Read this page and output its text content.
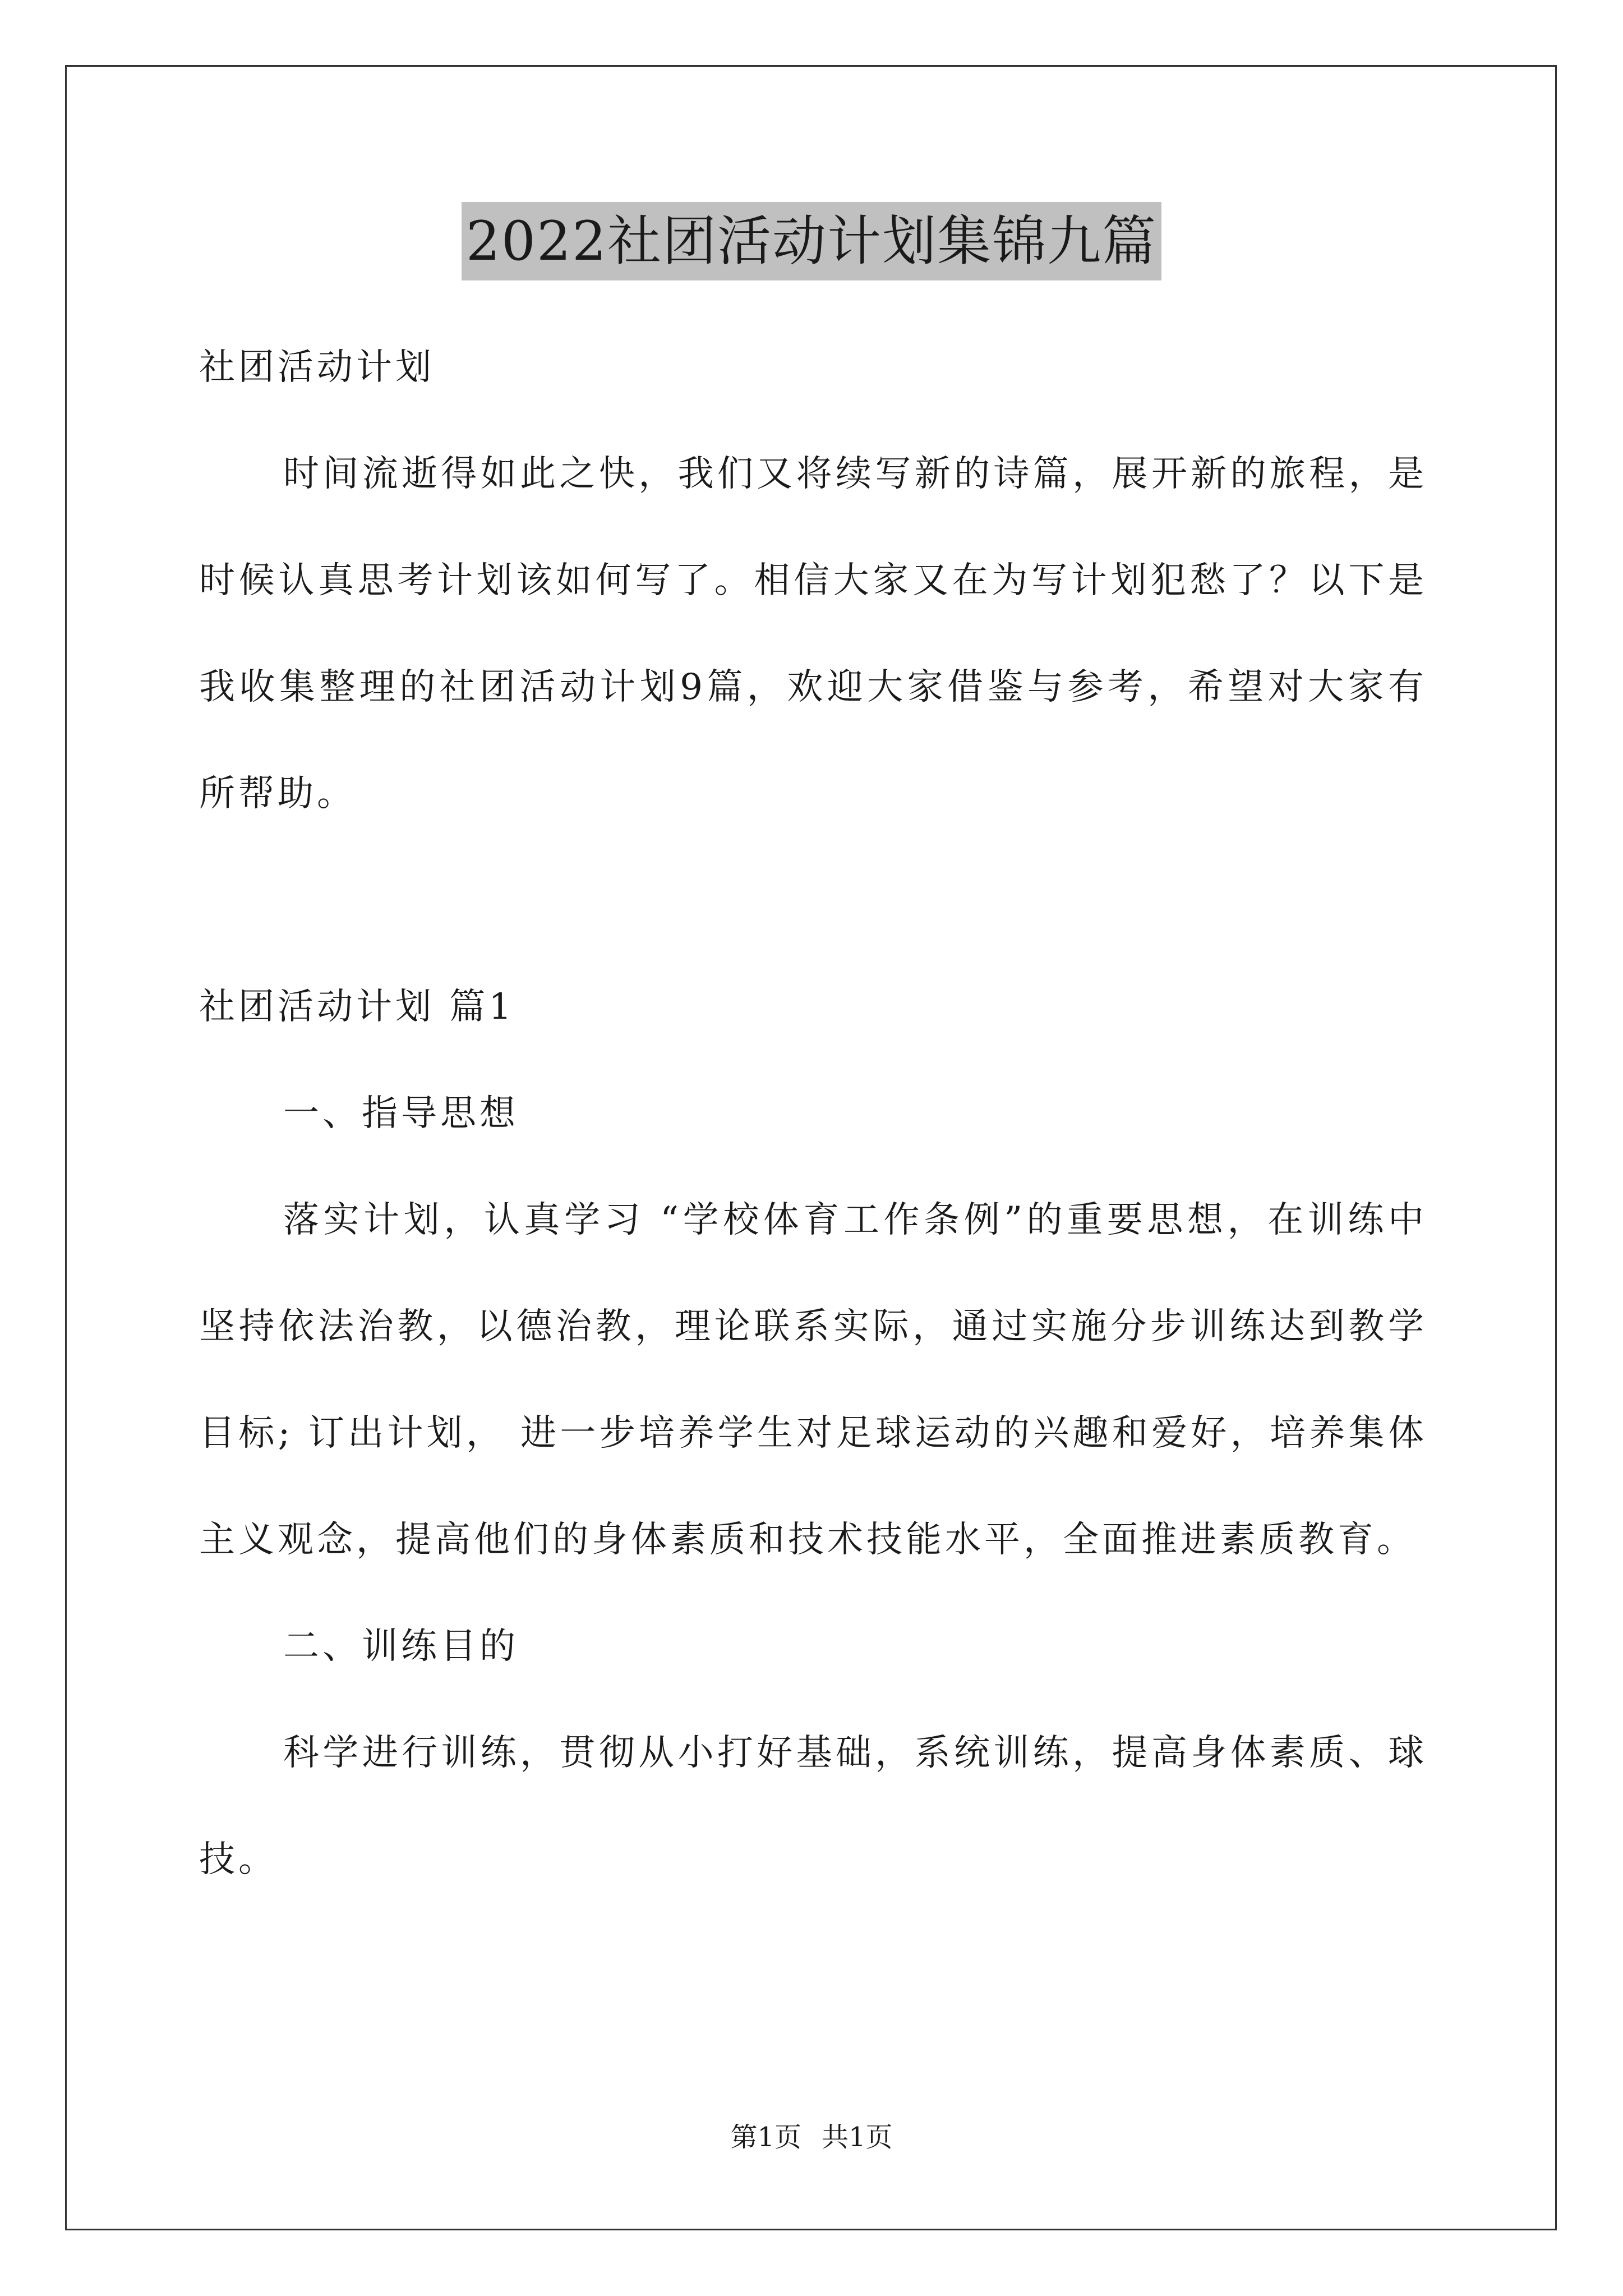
2022社团活动计划集锦九篇

社团活动计划

时间流逝得如此之快，我们又将续写新的诗篇，展开新的旅程，是时候认真思考计划该如何写了。相信大家又在为写计划犯愁了？以下是我收集整理的社团活动计划9篇，欢迎大家借鉴与参考，希望对大家有所帮助。

社团活动计划 篇1

一、指导思想

落实计划，认真学习 “学校体育工作条例”的重要思想，在训练中坚持依法治教，以德治教，理论联系实际，通过实施分步训练达到教学目标; 订出计划， 进一步培养学生对足球运动的兴趣和爱好，培养集体主义观念，提高他们的身体素质和技术技能水平，全面推进素质教育。

二、训练目的

科学进行训练，贯彻从小打好基础，系统训练，提高身体素质、球技。

第1页 共1页
